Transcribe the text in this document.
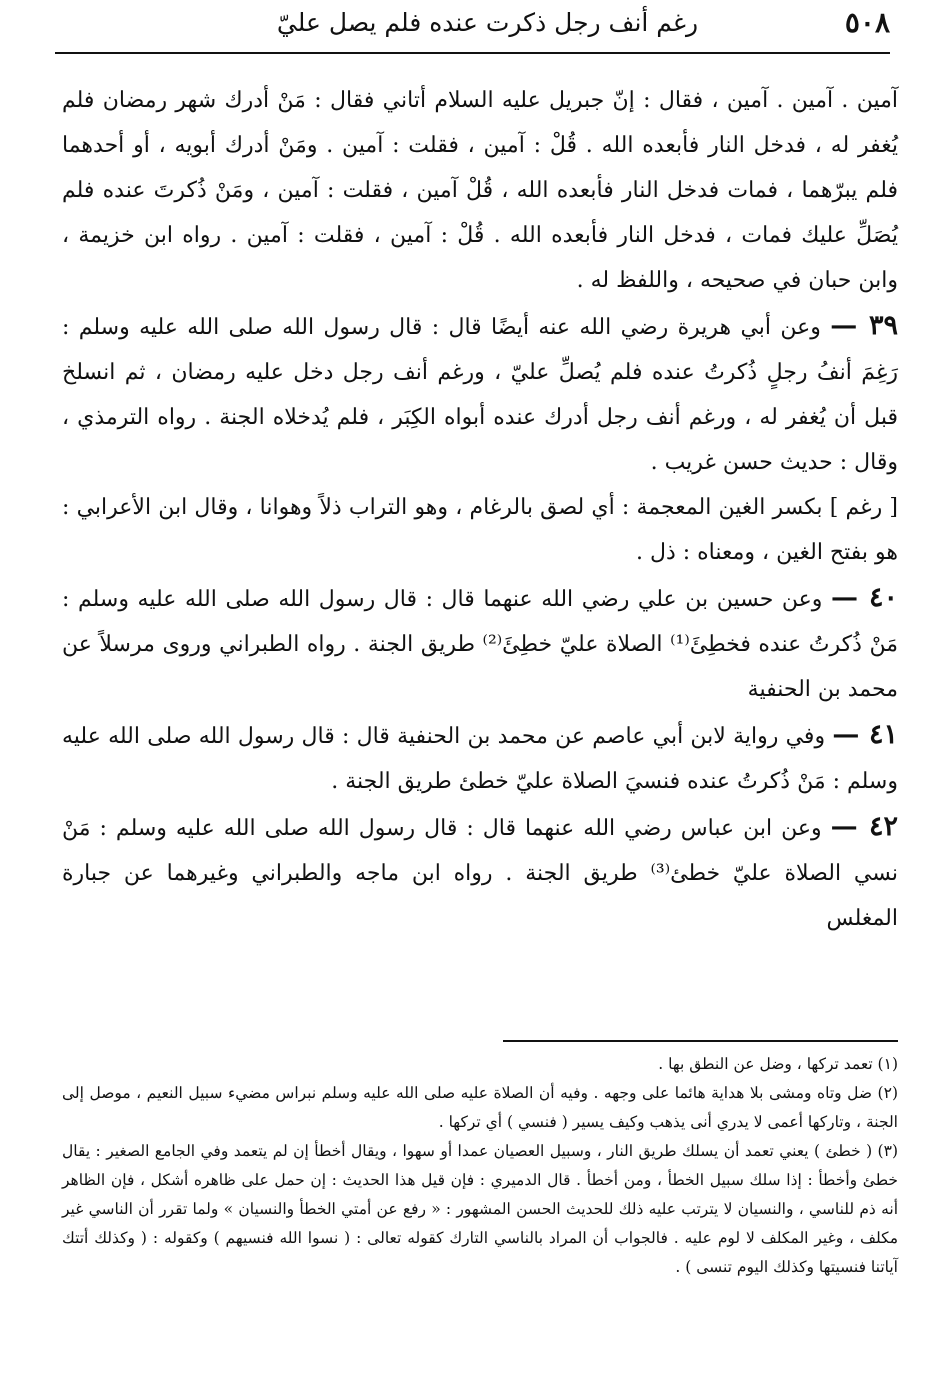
٥٠٨
رغم أنف رجل ذكرت عنده فلم يصل عليّ

آمين . آمين . آمين ، فقال : إنّ جبريل عليه السلام أتاني فقال : مَنْ أدرك شهر رمضان فلم يُغفر له ، فدخل النار فأبعده الله . قُلْ : آمين ، فقلت : آمين . ومَنْ أدرك أبويه ، أو أحدهما فلم يبرّهما ، فمات فدخل النار فأبعده الله ، قُلْ آمين ، فقلت : آمين ، ومَنْ ذُكرتَ عنده فلم يُصَلِّ عليك فمات ، فدخل النار فأبعده الله . قُلْ : آمين ، فقلت : آمين . رواه ابن خزيمة ، وابن حبان في صحيحه ، واللفظ له .

٣٩ — وعن أبي هريرة رضي الله عنه أيضًا قال : قال رسول الله صلى الله عليه وسلم : رَغِمَ أنفُ رجلٍ ذُكرتُ عنده فلم يُصلِّ عليّ ، ورغم أنف رجل دخل عليه رمضان ، ثم انسلخ قبل أن يُغفر له ، ورغم أنف رجل أدرك عنده أبواه الكِبَر ، فلم يُدخلاه الجنة . رواه الترمذي ، وقال : حديث حسن غريب .

[ رغم ] بكسر الغين المعجمة : أي لصق بالرغام ، وهو التراب ذلاً وهوانا ، وقال ابن الأعرابي : هو بفتح الغين ، ومعناه : ذل .

٤٠ — وعن حسين بن علي رضي الله عنهما قال : قال رسول الله صلى الله عليه وسلم : مَنْ ذُكرتُ عنده فخطِئَ⁽¹⁾ الصلاة عليّ خطِئَ⁽²⁾ طريق الجنة . رواه الطبراني وروى مرسلاً عن محمد بن الحنفية

٤١ — وفي رواية لابن أبي عاصم عن محمد بن الحنفية قال : قال رسول الله صلى الله عليه وسلم : مَنْ ذُكرتُ عنده فنسيَ الصلاة عليّ خطئ طريق الجنة .

٤٢ — وعن ابن عباس رضي الله عنهما قال : قال رسول الله صلى الله عليه وسلم : مَنْ نسي الصلاة عليّ خطئ⁽³⁾ طريق الجنة . رواه ابن ماجه والطبراني وغيرهما عن جبارة المغلس

(١) تعمد تركها ، وضل عن النطق بها .

(٢) ضل وتاه ومشى بلا هداية هائما على وجهه . وفيه أن الصلاة عليه صلى الله عليه وسلم نبراس مضيء سبيل النعيم ، موصل إلى الجنة ، وتاركها أعمى لا يدري أنى يذهب وكيف يسير ( فنسي ) أي تركها .

(٣) ( خطئ ) يعني تعمد أن يسلك طريق النار ، وسبيل العصيان عمدا أو سهوا ، ويقال أخطأ إن لم يتعمد وفي الجامع الصغير : يقال خطئ وأخطأ : إذا سلك سبيل الخطأ ، ومن أخطأ . قال الدميري : فإن قيل هذا الحديث : إن حمل على ظاهره أشكل ، فإن الظاهر أنه ذم للناسي ، والنسيان لا يترتب عليه ذلك للحديث الحسن المشهور : « رفع عن أمتي الخطأ والنسيان » ولما تقرر أن الناسي غير مكلف ، وغير المكلف لا لوم عليه . فالجواب أن المراد بالناسي التارك كقوله تعالى : ( نسوا الله فنسيهم ) وكقوله : ( وكذلك أتتك آياتنا فنسيتها وكذلك اليوم تنسى ) .
